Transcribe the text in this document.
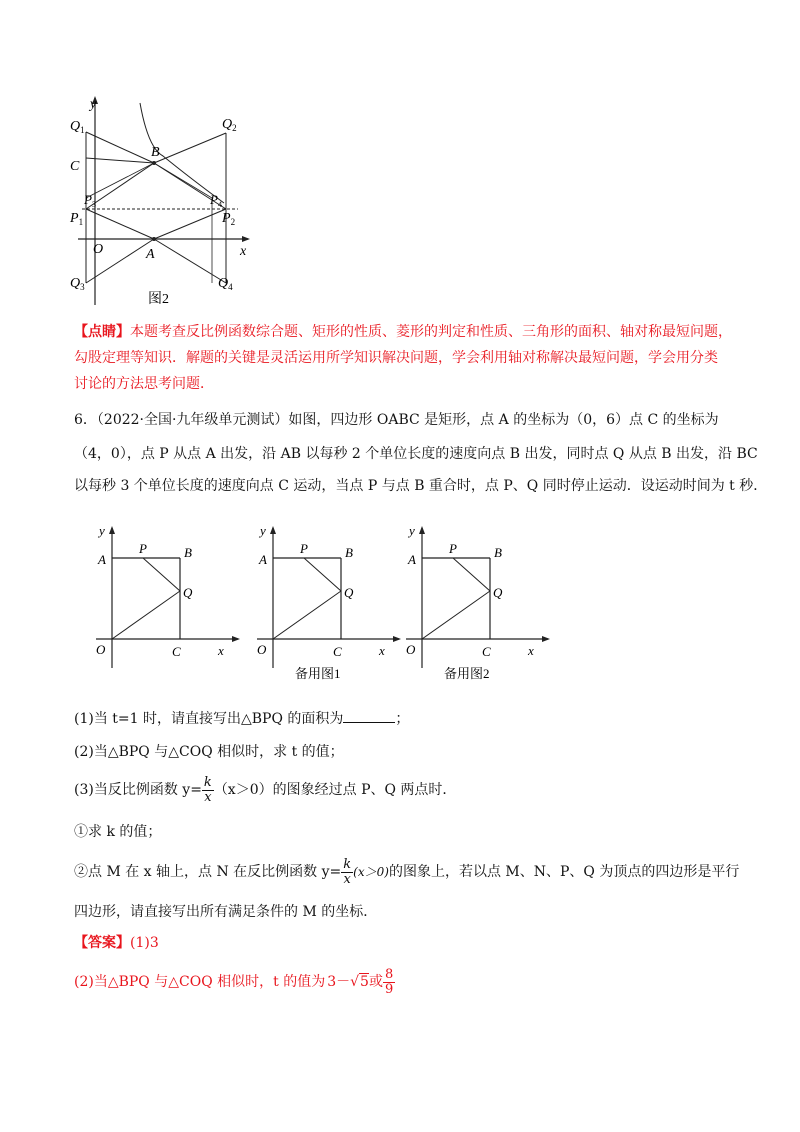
y
x
$Q_1$	$Q_2$
C
B
$P_3$	$P_4$
$P_1$	$P_2$
O	A
$Q_3$	$Q_4$
图2
【点睛】本题考查反比例函数综合题、矩形的性质、菱形的判定和性质、三角形的面积、轴对称最短问题，
勾股定理等知识．解题的关键是灵活运用所学知识解决问题，学会利用轴对称解决最短问题，学会用分类
讨论的方法思考问题．
6．（2022·全国·九年级单元测试）如图，四边形 OABC 是矩形，点 A 的坐标为（0，6）点 C 的坐标为
（4，0），点 P 从点 A 出发，沿 AB 以每秒 2 个单位长度的速度向点 B 出发，同时点 Q 从点 B 出发，沿 BC
以每秒 3 个单位长度的速度向点 C 运动，当点 P 与点 B 重合时，点 P、Q 同时停止运动．设运动时间为 t 秒．
y
x
A
P	B
Q
O	C
y
x
A
P	B
Q
O	C
备用图1
y
x
A
P	B
Q
O	C
备用图2
(1)当 t=1 时，请直接写出△BPQ 的面积为	；
(2)当△BPQ 与△COQ 相似时，求 t 的值；
(3)当反比例函数 $y= \frac{k}{x} (x>0)$的图象经过点 P、Q 两点时．
①求 k 的值；
②点 M 在 x 轴上，点 N 在反比例函数 $y= \frac{k}{x} (x>0)$ 的图象上，若以点 M、N、P、Q 为顶点的四边形是平行
四边形，请直接写出所有满足条件的 M 的坐标．
【答案】(1)3
(2)当△BPQ 与△COQ 相似时，t 的值为 3－√5 或 $\frac{8}{9}$
